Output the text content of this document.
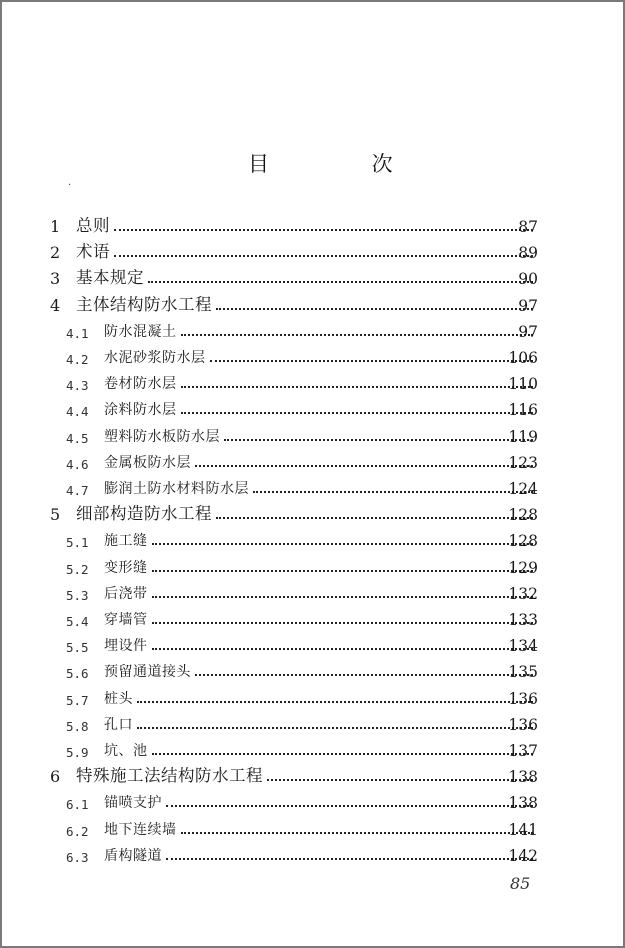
目 次
·
1 总则	87
2 术语	89
3 基本规定	90
4 主体结构防水工程	97
4.1 防水混凝土	97
4.2 水泥砂浆防水层	106
4.3 卷材防水层	110
4.4 涂料防水层	116
4.5 塑料防水板防水层	119
4.6 金属板防水层	123
4.7 膨润土防水材料防水层	124
5 细部构造防水工程	128
5.1 施工缝	128
5.2 变形缝	129
5.3 后浇带	132
5.4 穿墙管	133
5.5 埋设件	134
5.6 预留通道接头	135
5.7 桩头	136
5.8 孔口	136
5.9 坑、池	137
6 特殊施工法结构防水工程	138
6.1 锚喷支护	138
6.2 地下连续墙	141
6.3 盾构隧道	142
85
